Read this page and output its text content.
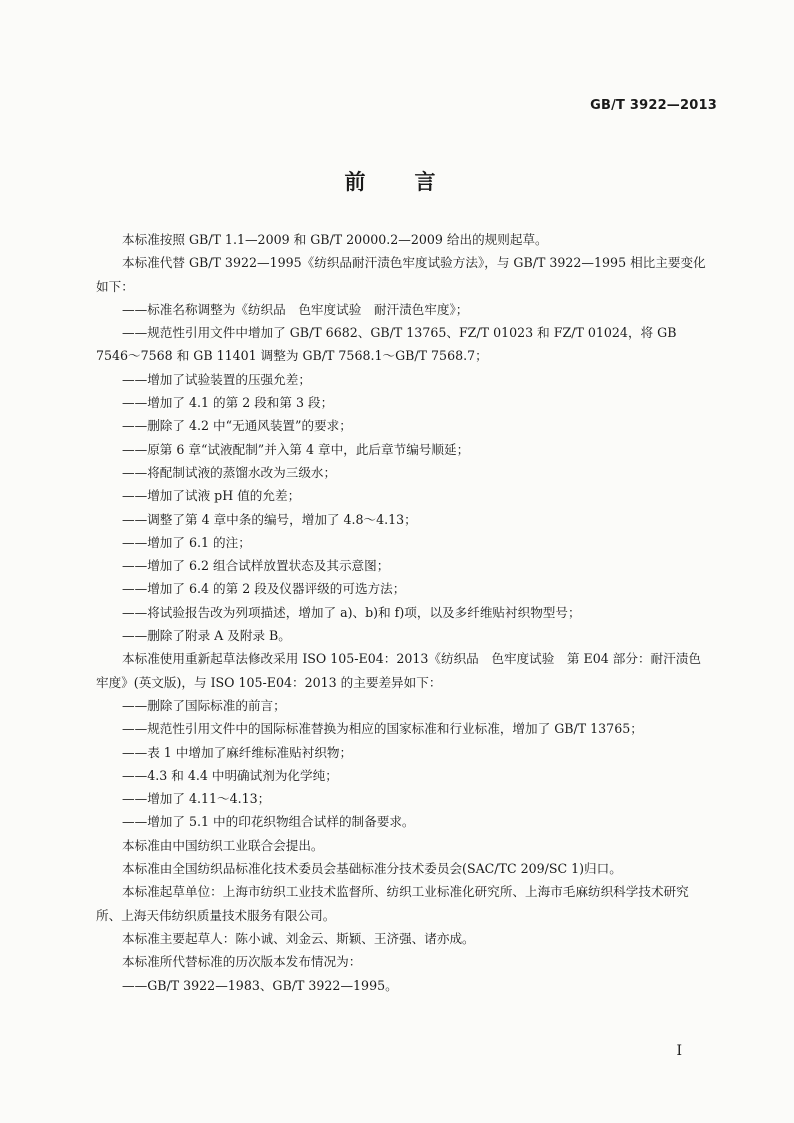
GB/T 3922—2013
前　言

本标准按照 GB/T 1.1—2009 和 GB/T 20000.2—2009 给出的规则起草。

本标准代替 GB/T 3922—1995《纺织品耐汗渍色牢度试验方法》，与 GB/T 3922—1995 相比主要变化如下：

——标准名称调整为《纺织品　色牢度试验　耐汗渍色牢度》；

——规范性引用文件中增加了 GB/T 6682、GB/T 13765、FZ/T 01023 和 FZ/T 01024，将 GB 7546～7568 和 GB 11401 调整为 GB/T 7568.1～GB/T 7568.7；

——增加了试验装置的压强允差；

——增加了 4.1 的第 2 段和第 3 段；

——删除了 4.2 中“无通风装置”的要求；

——原第 6 章“试液配制”并入第 4 章中，此后章节编号顺延；

——将配制试液的蒸馏水改为三级水；

——增加了试液 pH 值的允差；

——调整了第 4 章中条的编号，增加了 4.8～4.13；

——增加了 6.1 的注；

——增加了 6.2 组合试样放置状态及其示意图；

——增加了 6.4 的第 2 段及仪器评级的可选方法；

——将试验报告改为列项描述，增加了 a)、b)和 f)项，以及多纤维贴衬织物型号；

——删除了附录 A 及附录 B。

本标准使用重新起草法修改采用 ISO 105-E04：2013《纺织品　色牢度试验　第 E04 部分：耐汗渍色牢度》(英文版)，与 ISO 105-E04：2013 的主要差异如下：

——删除了国际标准的前言；

——规范性引用文件中的国际标准替换为相应的国家标准和行业标准，增加了 GB/T 13765；

——表 1 中增加了麻纤维标准贴衬织物；

——4.3 和 4.4 中明确试剂为化学纯；

——增加了 4.11～4.13；

——增加了 5.1 中的印花织物组合试样的制备要求。

本标准由中国纺织工业联合会提出。

本标准由全国纺织品标准化技术委员会基础标准分技术委员会(SAC/TC 209/SC 1)归口。

本标准起草单位：上海市纺织工业技术监督所、纺织工业标准化研究所、上海市毛麻纺织科学技术研究所、上海天伟纺织质量技术服务有限公司。

本标准主要起草人：陈小诚、刘金云、斯颖、王济强、诸亦成。

本标准所代替标准的历次版本发布情况为：

——GB/T 3922—1983、GB/T 3922—1995。

I
